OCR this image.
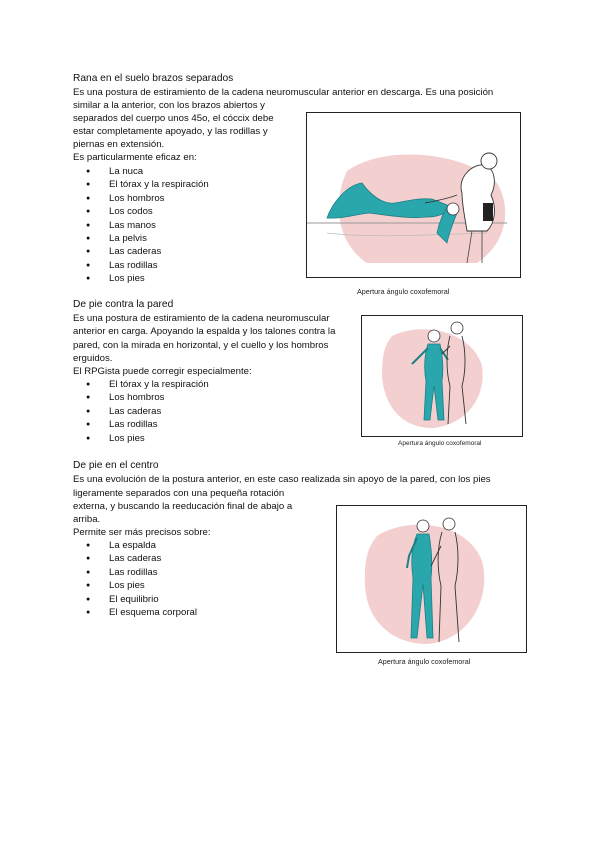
Rana en el suelo brazos separados
Es una postura de estiramiento de la cadena neuromuscular anterior en descarga. Es una posición
similar a la anterior, con los brazos abiertos y
separados del cuerpo unos 45o, el cóccix debe
estar completamente apoyado, y las rodillas y
piernas en extensión.
Es particularmente eficaz en:
● La nuca
● El tórax y la respiración
● Los hombros
● Los codos
● Las manos
● La pelvis
● Las caderas
● Las rodillas
● Los pies
Apertura ángulo coxofemoral
De pie contra la pared
Es una postura de estiramiento de la cadena neuromuscular
anterior en carga. Apoyando la espalda y los talones contra la
pared, con la mirada en horizontal, y el cuello y los hombros
erguidos.
El RPGista puede corregir especialmente:
● El tórax y la respiración
● Los hombros
● Las caderas
● Las rodillas
● Los pies	Apertura ángulo coxofemoral
De pie en el centro
Es una evolución de la postura anterior, en este caso realizada sin apoyo de la pared, con los pies
ligeramente separados con una pequeña rotación
externa, y buscando la reeducación final de abajo a
arriba.
Permite ser más precisos sobre:
● La espalda
● Las caderas
● Las rodillas
● Los pies
● El equilibrio
● El esquema corporal
Apertura ángulo coxofemoral
